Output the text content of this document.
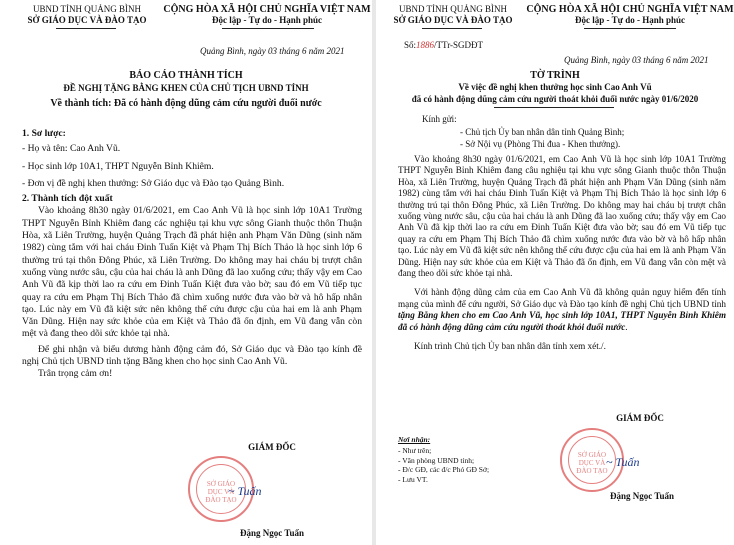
UBND TỈNH QUẢNG BÌNH
SỞ GIÁO DỤC VÀ ĐÀO TẠO
CỘNG HÒA XÃ HỘI CHỦ NGHĨA VIỆT NAM
Độc lập - Tự do - Hạnh phúc
Quảng Bình, ngày 03 tháng 6 năm 2021
BÁO CÁO THÀNH TÍCH
ĐỀ NGHỊ TẶNG BẰNG KHEN CỦA CHỦ TỊCH UBND TỈNH
Về thành tích: Đã có hành động dũng cảm cứu người đuối nước

1. Sơ lược:

- Họ và tên: Cao Anh Vũ.

- Học sinh lớp 10A1, THPT Nguyễn Bỉnh Khiêm.

- Đơn vị đề nghị khen thưởng: Sở Giáo dục và Đào tạo Quảng Bình.

2. Thành tích đột xuất

Vào khoảng 8h30 ngày 01/6/2021, em Cao Anh Vũ là học sinh lớp 10A1 Trường THPT Nguyễn Bỉnh Khiêm đang các nghiệu tại khu vực sông Gianh thuộc thôn Thuận Hòa, xã Liên Trường, huyện Quảng Trạch đã phát hiện anh Phạm Văn Dũng (sinh năm 1982) cùng tắm với hai cháu Đinh Tuấn Kiệt và Phạm Thị Bích Thảo là học sinh lớp 6 thường trú tại thôn Đông Phúc, xã Liên Trường. Do không may hai cháu bị trượt chân xuống vùng nước sâu, cậu của hai cháu là anh Dũng đã lao xuống cứu; thấy vậy em Cao Anh Vũ đã kịp thời lao ra cứu em Đinh Tuấn Kiệt đưa vào bờ; sau đó em Vũ tiếp tục quay ra cứu em Phạm Thị Bích Thảo đã chìm xuống nước đưa vào bờ và hô hấp nhân tạo. Lúc này em Vũ đã kiệt sức nên không thể cứu được cậu của hai em là anh Phạm Văn Dũng. Hiện nay sức khỏe của em Kiệt và Thảo đã ổn định, em Vũ đang vẫn còn mệt và đang theo dõi sức khỏe tại nhà.

Để ghi nhận và biểu dương hành động cảm đó, Sở Giáo dục và Đào tạo kính đề nghị Chủ tịch UBND tỉnh tặng Bằng khen cho học sinh Cao Anh Vũ.

Trân trọng cảm ơn!

GIÁM ĐỐC
SỞ GIÁO DỤC VÀ ĐÀO TẠO
~ Tuấn
Đặng Ngọc Tuấn
UBND TỈNH QUẢNG BÌNH
SỞ GIÁO DỤC VÀ ĐÀO TẠO
CỘNG HÒA XÃ HỘI CHỦ NGHĨA VIỆT NAM
Độc lập - Tự do - Hạnh phúc
Số:1886/TTr-SGDĐT
Quảng Bình, ngày 03 tháng 6 năm 2021
TỜ TRÌNH
Về việc đề nghị khen thưởng học sinh Cao Anh Vũ
đã có hành động dũng cảm cứu người thoát khỏi đuối nước ngày 01/6/2020
Kính gửi:
- Chủ tịch Ủy ban nhân dân tỉnh Quảng Bình;
- Sở Nội vụ (Phòng Thi đua - Khen thưởng).

Vào khoảng 8h30 ngày 01/6/2021, em Cao Anh Vũ là học sinh lớp 10A1 Trường THPT Nguyễn Bỉnh Khiêm đang câu nghiệu tại khu vực sông Gianh thuộc thôn Thuận Hòa, xã Liên Trường, huyện Quảng Trạch đã phát hiện anh Phạm Văn Dũng (sinh năm 1982) cùng tắm với hai cháu Đinh Tuấn Kiệt và Phạm Thị Bích Thảo là học sinh lớp 6 thường trú tại thôn Đông Phúc, xã Liên Trường. Do không may hai cháu bị trượt chân xuống vùng nước sâu, cậu của hai cháu là anh Dũng đã lao xuống cứu; thấy vậy em Cao Anh Vũ đã kịp thời lao ra cứu em Đinh Tuấn Kiệt đưa vào bờ; sau đó em Vũ tiếp tục quay ra cứu em Phạm Thị Bích Thảo đã chìm xuống nước đưa vào bờ và hô hấp nhân tạo. Lúc này em Vũ đã kiệt sức nên không thể cứu được cậu của hai em là anh Phạm Văn Dũng. Hiện nay sức khỏe của em Kiệt và Thảo đã ổn định, em Vũ đang vẫn còn mệt và đang theo dõi sức khỏe tại nhà.

Với hành động dũng cảm của em Cao Anh Vũ đã không quản nguy hiểm đến tính mạng của mình để cứu người, Sở Giáo dục và Đào tạo kính đề nghị Chủ tịch UBND tỉnh tặng Bằng khen cho em Cao Anh Vũ, học sinh lớp 10A1, THPT Nguyễn Bỉnh Khiêm đã có hành động dũng cảm cứu người thoát khỏi đuối nước.

Kính trình Chủ tịch Ủy ban nhân dân tỉnh xem xét./.

Nơi nhận:
- Như trên;
- Văn phòng UBND tỉnh;
- Đ/c GĐ, các đ/c Phó GĐ Sở;
- Lưu VT.
GIÁM ĐỐC
SỞ GIÁO DỤC VÀ ĐÀO TẠO
~ Tuấn
Đặng Ngọc Tuấn
